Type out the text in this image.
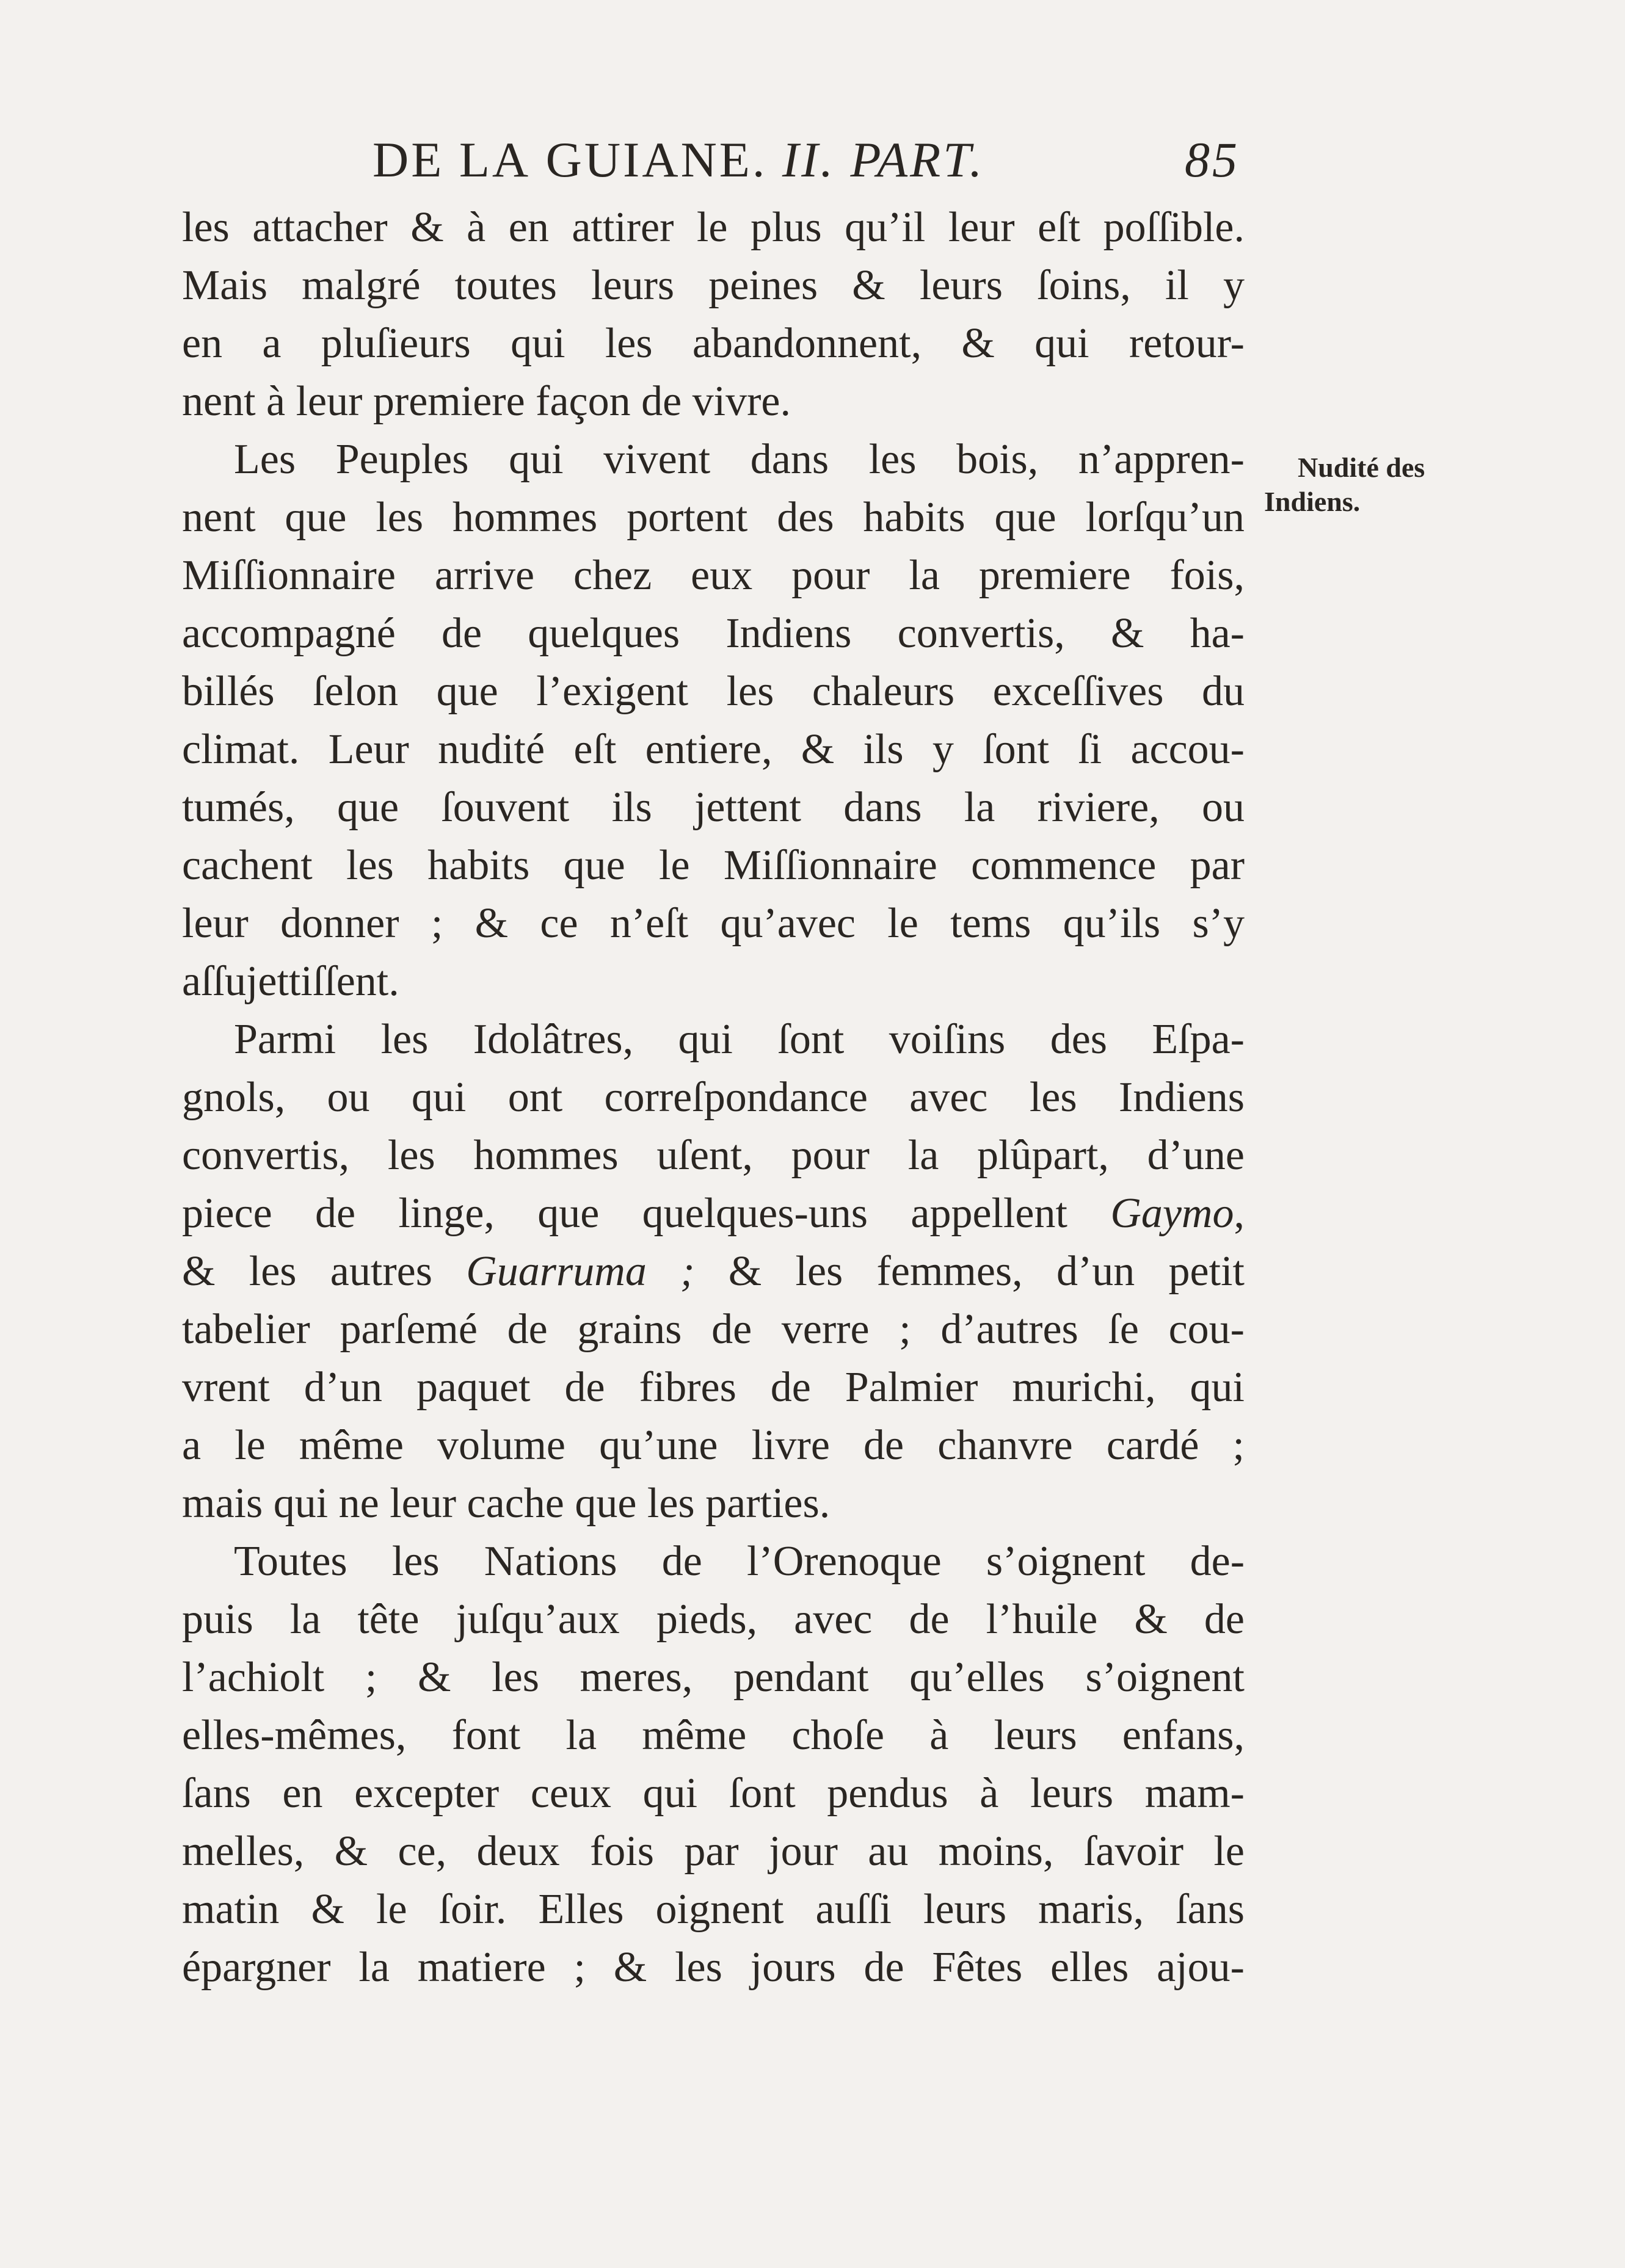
DE LA GUIANE. II. PART.	85
les attacher & à en attirer le plus qu’il leur eſt poſſible.
Mais malgré toutes leurs peines & leurs ſoins, il y
en a pluſieurs qui les abandonnent, & qui retour-
nent à leur premiere façon de vivre.
Les Peuples qui vivent dans les bois, n’appren-
nent que les hommes portent des habits que lorſqu’un
Miſſionnaire arrive chez eux pour la premiere fois,
accompagné de quelques Indiens convertis, & ha-
billés ſelon que l’exigent les chaleurs exceſſives du
climat. Leur nudité eſt entiere, & ils y ſont ſi accou-
tumés, que ſouvent ils jettent dans la riviere, ou
cachent les habits que le Miſſionnaire commence par
leur donner ; & ce n’eſt qu’avec le tems qu’ils s’y
aſſujettiſſent.
Parmi les Idolâtres, qui ſont voiſins des Eſpa-
gnols, ou qui ont correſpondance avec les Indiens
convertis, les hommes uſent, pour la plûpart, d’une
piece de linge, que quelques-uns appellent Gaymo,
& les autres Guarruma ; & les femmes, d’un petit
tabelier parſemé de grains de verre ; d’autres ſe cou-
vrent d’un paquet de fibres de Palmier murichi, qui
a le même volume qu’une livre de chanvre cardé ;
mais qui ne leur cache que les parties.
Toutes les Nations de l’Orenoque s’oignent de-
puis la tête juſqu’aux pieds, avec de l’huile & de
l’achiolt ; & les meres, pendant qu’elles s’oignent
elles-mêmes, font la même choſe à leurs enfans,
ſans en excepter ceux qui ſont pendus à leurs mam-
melles, & ce, deux fois par jour au moins, ſavoir le
matin & le ſoir. Elles oignent auſſi leurs maris, ſans
épargner la matiere ; & les jours de Fêtes elles ajou-
Nudité des
Indiens.
